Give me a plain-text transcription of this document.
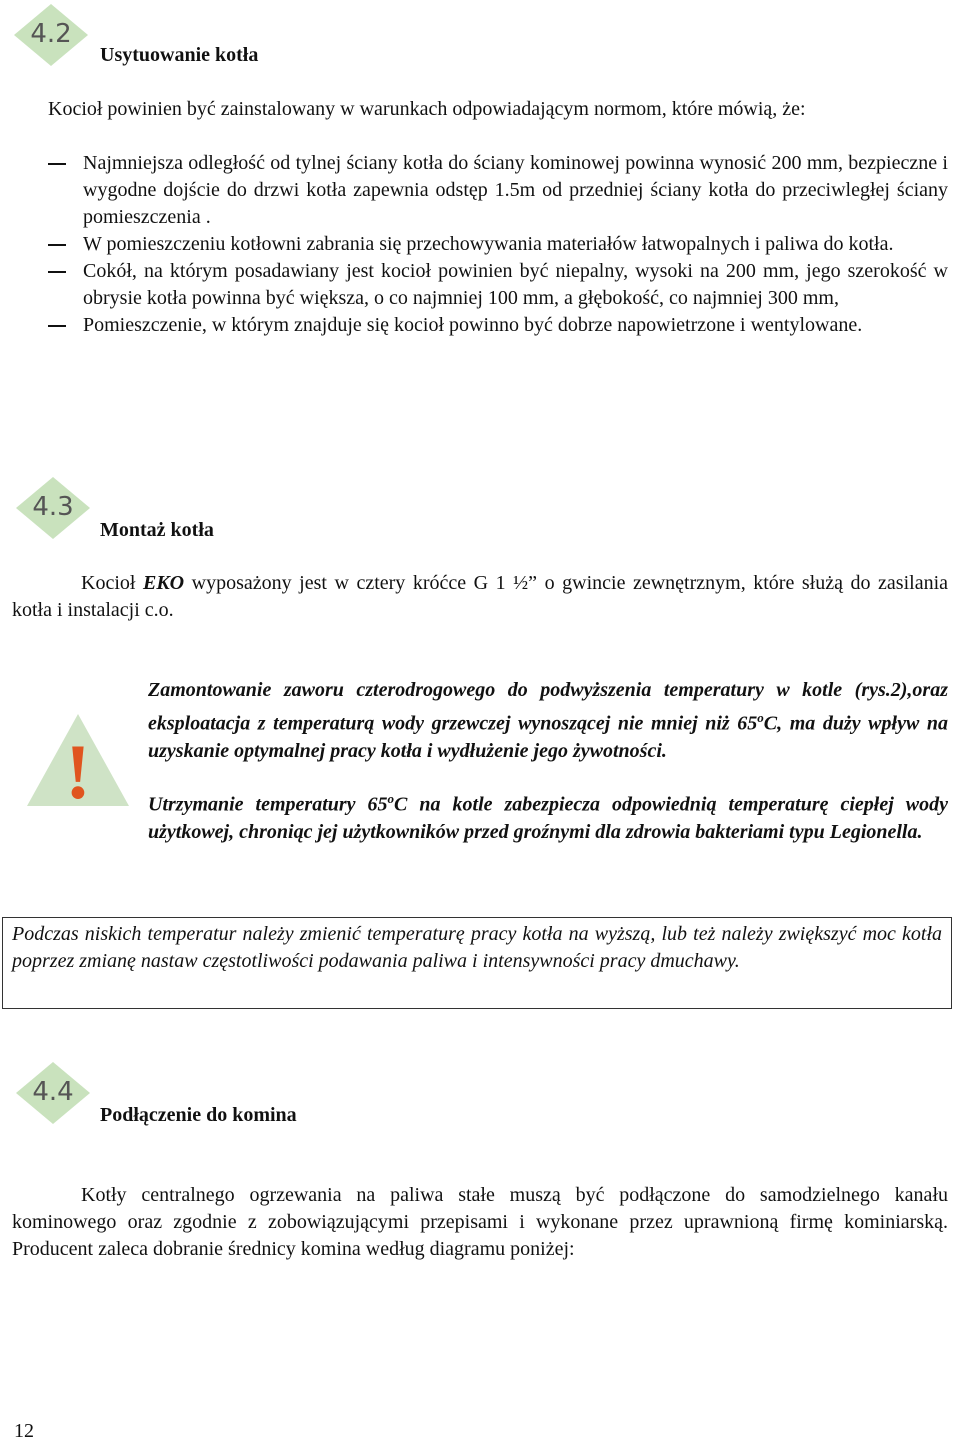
4.2
Usytuowanie kotła
Kocioł powinien być zainstalowany w warunkach odpowiadającym normom, które mówią, że:
Najmniejsza odległość od tylnej ściany kotła do ściany kominowej powinna wynosić 200 mm, bezpieczne i wygodne dojście do drzwi kotła zapewnia odstęp 1.5m od przedniej ściany kotła do przeciwległej ściany pomieszczenia .
W pomieszczeniu kotłowni zabrania się przechowywania materiałów łatwopalnych i paliwa do kotła.
Cokół, na którym posadawiany jest kocioł powinien być niepalny, wysoki na 200 mm, jego szerokość w obrysie kotła powinna być większa, o co najmniej 100 mm, a głębokość, co najmniej 300 mm,
Pomieszczenie, w którym znajduje się kocioł powinno być dobrze napowietrzone i wentylowane.
4.3
Montaż kotła
Kocioł EKO wyposażony jest w cztery króćce G 1 ½” o gwincie zewnętrznym, które służą do zasilania kotła i instalacji c.o.
!
Zamontowanie zaworu czterodrogowego do podwyższenia temperatury w kotle (rys.2),oraz eksploatacja z temperaturą wody grzewczej wynoszącej nie mniej niż 65$^o$C, ma duży wpływ na uzyskanie optymalnej pracy kotła i wydłużenie jego żywotności.
Utrzymanie temperatury 65$^o$C na kotle zabezpiecza odpowiednią temperaturę ciepłej wody użytkowej, chroniąc jej użytkowników przed groźnymi dla zdrowia bakteriami typu Legionella.
Podczas niskich temperatur należy zmienić temperaturę pracy kotła na wyższą, lub też należy zwiększyć moc kotła poprzez zmianę nastaw częstotliwości podawania paliwa i intensywności pracy dmuchawy.
4.4
Podłączenie do komina
Kotły centralnego ogrzewania na paliwa stałe muszą być podłączone do samodzielnego kanału kominowego oraz zgodnie z zobowiązującymi przepisami i wykonane przez uprawnioną firmę kominiarską. Producent zaleca dobranie średnicy komina według diagramu poniżej:
12
